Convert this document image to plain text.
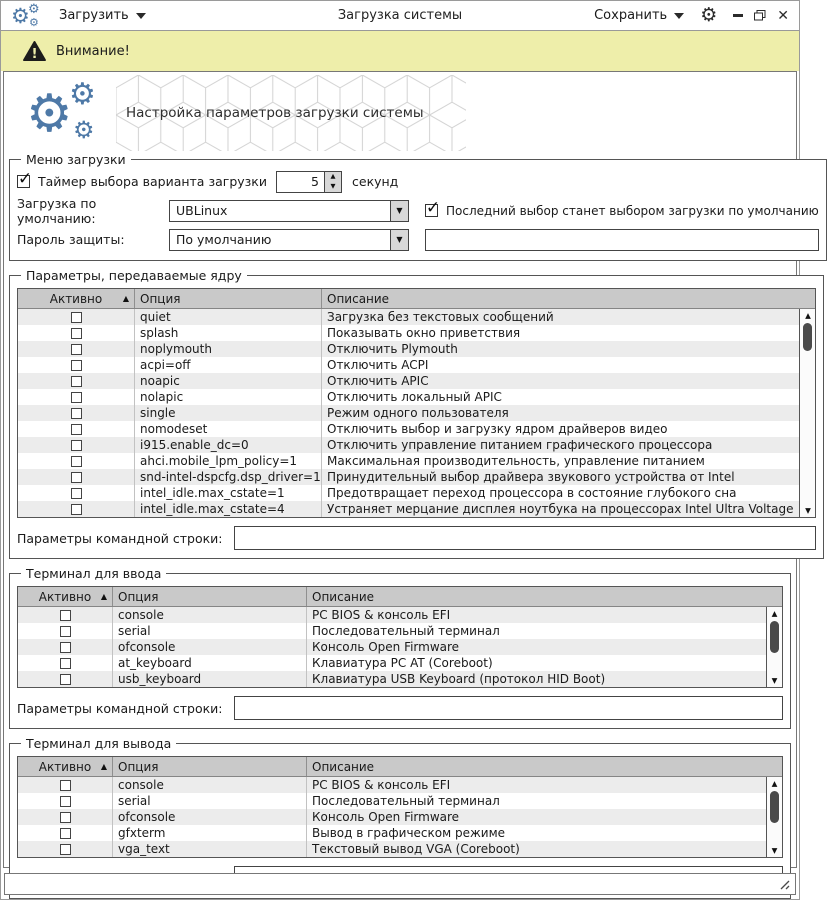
Загрузка системы
⚙
⚙
⚙ Загрузить	Сохранить ⚙	✕
! Внимание!
⚙
⚙
⚙
Настройка параметров загрузки системы
Меню загрузки
✓ Таймер выбора варианта загрузки	5	▲
▼ секунд
Загрузка по умолчанию:
UBLinux	▼ ✓ Последний выбор станет выбором загрузки по умолчанию
Пароль защиты:	По умолчанию	▼
Параметры, передаваемые ядру
Активно	▲ Опция	Описание
quiet	Загрузка без текстовых сообщений
splash	Показывать окно приветствия
noplymouth	Отключить Plymouth
acpi=off	Отключить ACPI
noapic	Отключить APIC
nolapic	Отключить локальный APIC
single	Режим одного пользователя
nomodeset	Отключить выбор и загрузку ядром драйверов видео
i915.enable_dc=0	Отключить управление питанием графического процессора
ahci.mobile_lpm_policy=1	Максимальная производительность, управление питанием
snd-intel-dspcfg.dsp_driver=1 Принудительный выбор драйвера звукового устройства от Intel
intel_idle.max_cstate=1	Предотвращает переход процессора в состояние глубокого сна
intel_idle.max_cstate=4	Устраняет мерцание дисплея ноутбука на процессорах Intel Ultra Voltage
▲
▼
Параметры командной строки:
Терминал для ввода
Активно ▲ Опция	Описание
console	PC BIOS & консоль EFI
serial	Последовательный терминал
ofconsole	Консоль Open Firmware
at_keyboard	Клавиатура PC AT (Coreboot)
usb_keyboard	Клавиатура USB Keyboard (протокол HID Boot)
▲
▼
Параметры командной строки:
Терминал для вывода
Активно ▲ Опция	Описание
console	PC BIOS & консоль EFI
serial	Последовательный терминал
ofconsole	Консоль Open Firmware
gfxterm	Вывод в графическом режиме
vga_text	Текстовый вывод VGA (Coreboot)
▲
▼
